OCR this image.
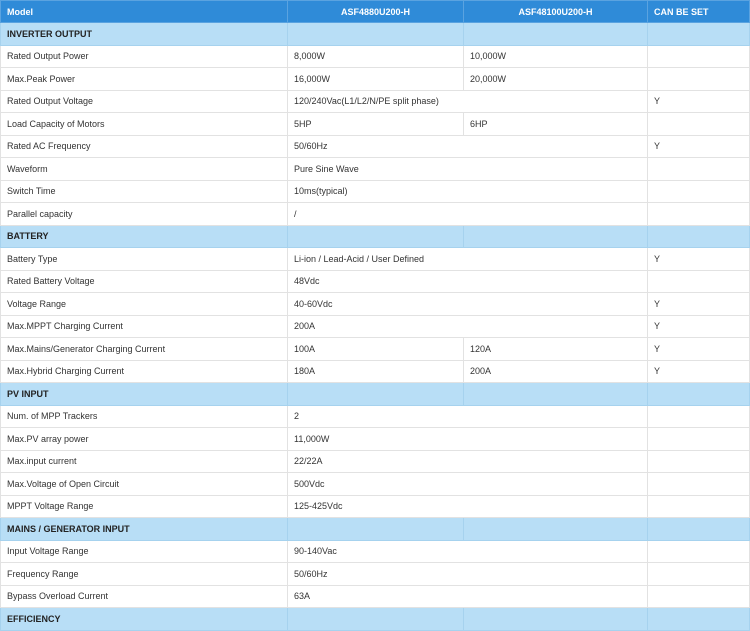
Model	ASF4880U200-H	ASF48100U200-H	CAN BE SET
INVERTER OUTPUT			
Rated Output Power	8,000W	10,000W	
Max.Peak Power	16,000W	20,000W	
Rated Output Voltage	120/240Vac(L1/L2/N/PE split phase)		Y
Load Capacity of Motors	5HP	6HP	
Rated AC Frequency	50/60Hz		Y
Waveform	Pure Sine Wave		
Switch Time	10ms(typical)		
Parallel capacity	/		
BATTERY			
Battery Type	Li-ion / Lead-Acid / User Defined		Y
Rated Battery Voltage	48Vdc		
Voltage Range	40-60Vdc		Y
Max.MPPT Charging Current	200A		Y
Max.Mains/Generator Charging Current	100A	120A	Y
Max.Hybrid Charging Current	180A	200A	Y
PV INPUT			
Num. of MPP Trackers	2		
Max.PV array power	11,000W		
Max.input current	22/22A		
Max.Voltage of Open Circuit	500Vdc		
MPPT Voltage Range	125-425Vdc		
MAINS / GENERATOR INPUT			
Input Voltage Range	90-140Vac		
Frequency Range	50/60Hz		
Bypass Overload Current	63A		
EFFICIENCY			
